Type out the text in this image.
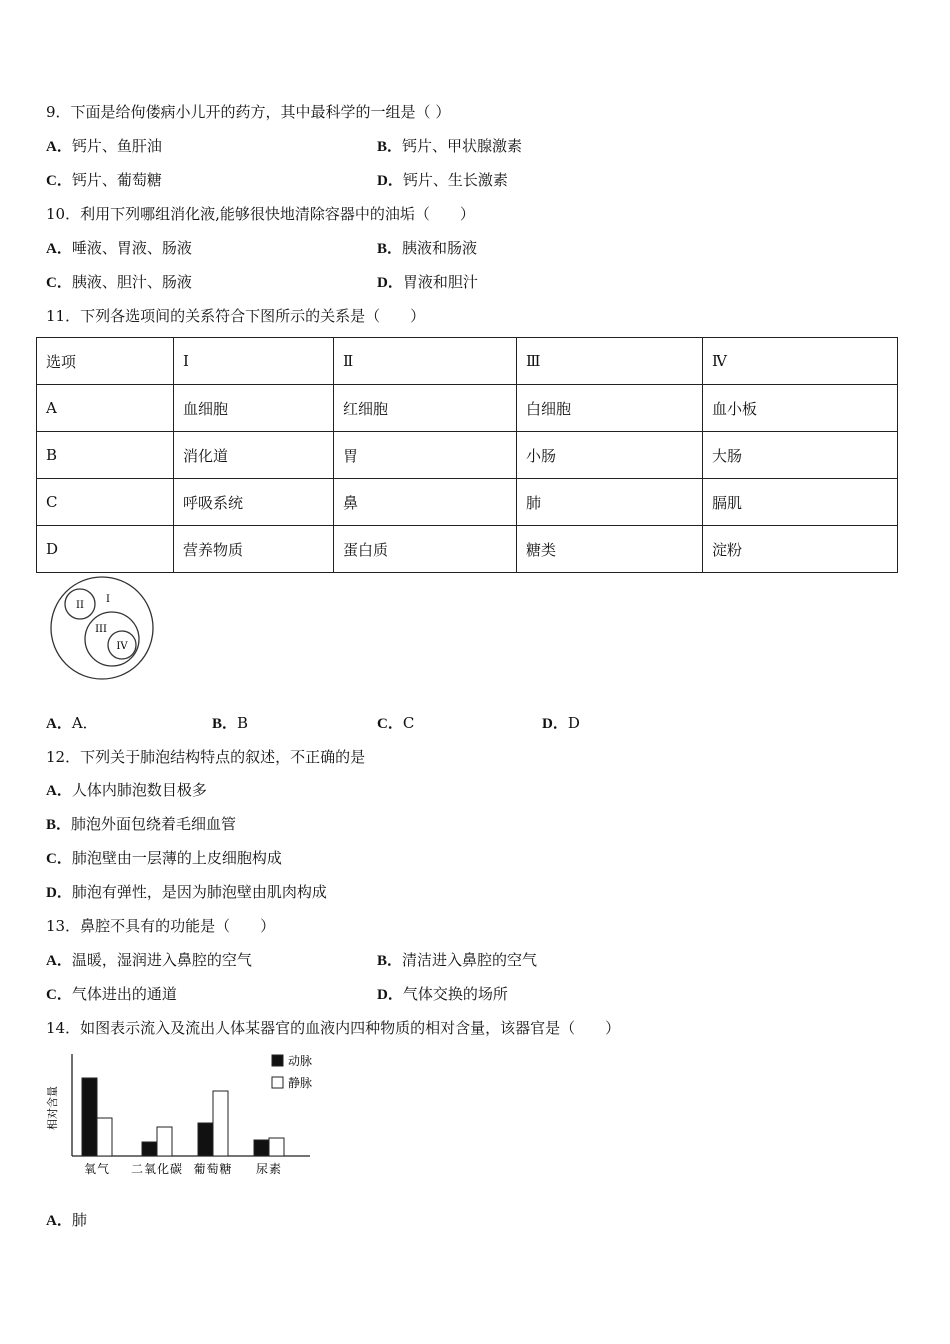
9．下面是给佝偻病小儿开的药方，其中最科学的一组是（ ）
A．钙片、鱼肝油	B．钙片、甲状腺激素
C．钙片、葡萄糖	D．钙片、生长激素
10．利用下列哪组消化液,能够很快地清除容器中的油垢（　　）
A．唾液、胃液、肠液	B．胰液和肠液
C．胰液、胆汁、肠液	D．胃液和胆汁
11．下列各选项间的关系符合下图所示的关系是（　　）
选项	Ⅰ	Ⅱ	Ⅲ	Ⅳ
A	血细胞	红细胞	白细胞	血小板
B	消化道	胃	小肠	大肠
C	呼吸系统	鼻	肺	膈肌
D	营养物质	蛋白质	糖类	淀粉
II
I
III
IV
A．A．	B．B	C．C	D．D
12．下列关于肺泡结构特点的叙述，不正确的是
A．人体内肺泡数目极多
B．肺泡外面包绕着毛细血管
C．肺泡壁由一层薄的上皮细胞构成
D．肺泡有弹性，是因为肺泡壁由肌肉构成
13．鼻腔不具有的功能是（　　）
A．温暖，湿润进入鼻腔的空气	B．清洁进入鼻腔的空气
C．气体进出的通道	D．气体交换的场所
14．如图表示流入及流出人体某器官的血液内四种物质的相对含量，该器官是（　　）
相对含量
氧气 二氧化碳 葡萄糖 尿素
动脉
静脉
A．肺
